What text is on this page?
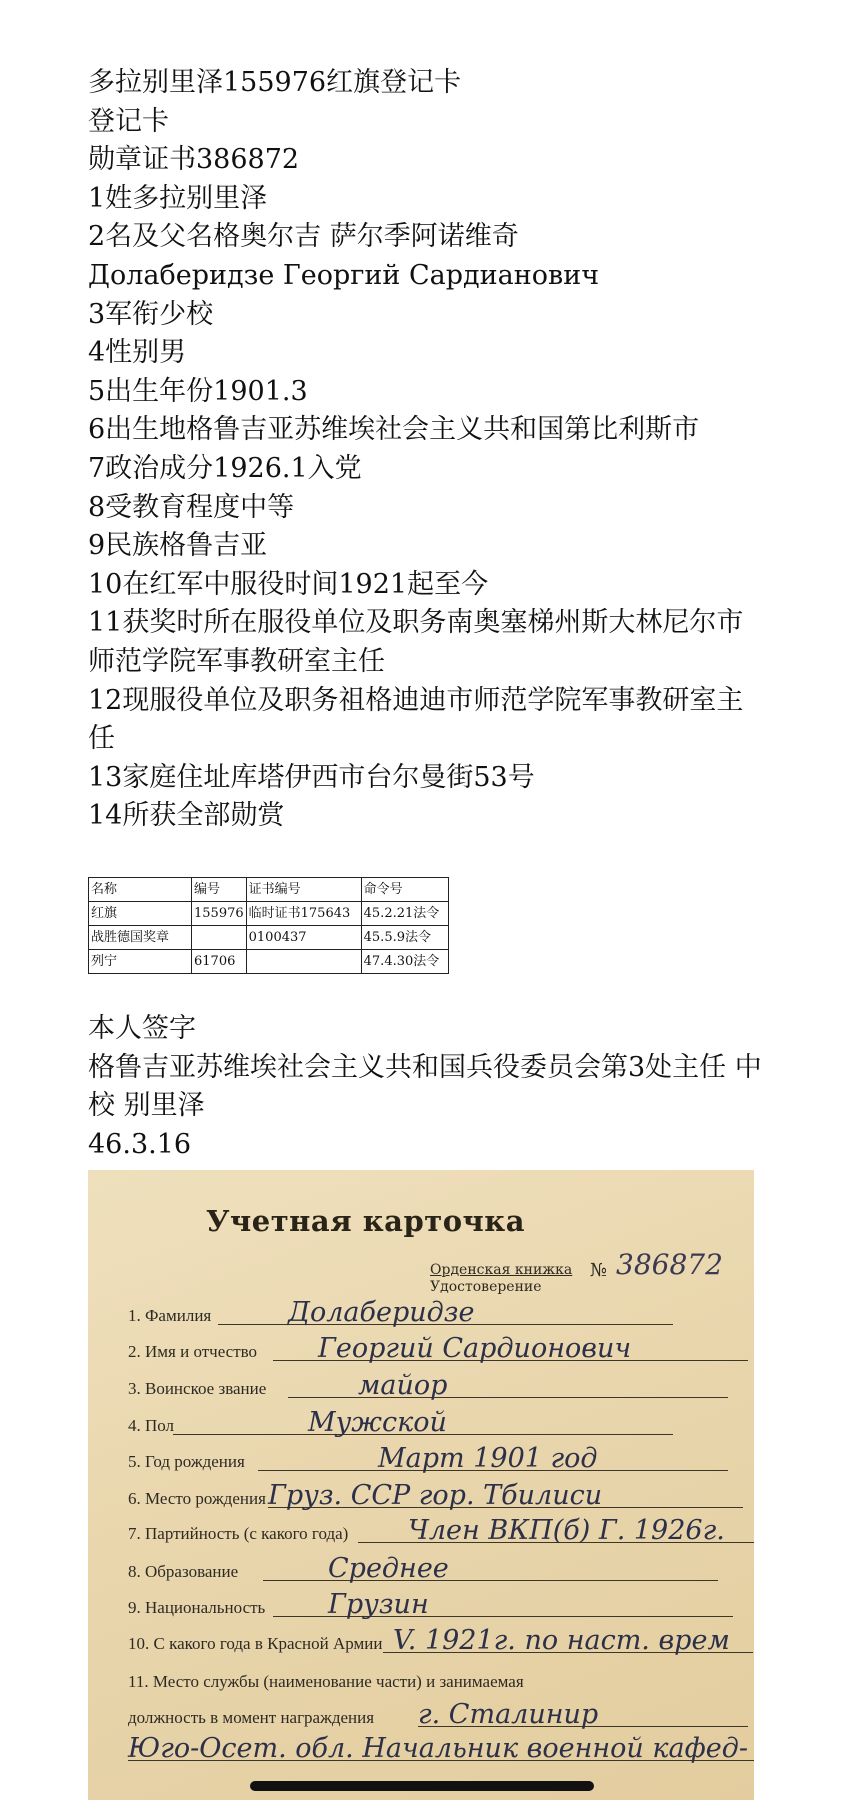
多拉别里泽155976红旗登记卡

登记卡

勋章证书386872

1姓多拉别里泽

2名及父名格奥尔吉 萨尔季阿诺维奇

Долаберидзе Георгий Сардианович

3军衔少校

4性别男

5出生年份1901.3

6出生地格鲁吉亚苏维埃社会主义共和国第比利斯市

7政治成分1926.1入党

8受教育程度中等

9民族格鲁吉亚

10在红军中服役时间1921起至今

11获奖时所在服役单位及职务南奥塞梯州斯大林尼尔市师范学院军事教研室主任

12现服役单位及职务祖格迪迪市师范学院军事教研室主任

13家庭住址库塔伊西市台尔曼街53号

14所获全部勋赏

名称	编号	证书编号	命令号
红旗	155976	临时证书175643	45.2.21法令
战胜德国奖章		0100437	45.5.9法令
列宁	61706		47.4.30法令

本人签字

格鲁吉亚苏维埃社会主义共和国兵役委员会第3处主任 中校 别里泽

46.3.16

Учетная карточка
Орденская книжка
Удостоверение
№ 386872
1. Фамилия	Долаберидзе
2. Имя и отчество Георгий Сардионович
3. Воинское звание	майор
4. Пол	Мужской
5. Год рождения	Март 1901 год
6. Место рождения Груз. ССР гор. Тбилиси
7. Партийность (с какого года) Член ВКП(б) Г. 1926г.
8. Образование	Среднее
9. Национальность Грузин
10. С какого года в Красной Армии V. 1921г. по наст. врем
11. Место службы (наименование части) и занимаемая
должность в момент награждения г. Сталинир
Юго-Осет. обл. Начальник военной кафед-
